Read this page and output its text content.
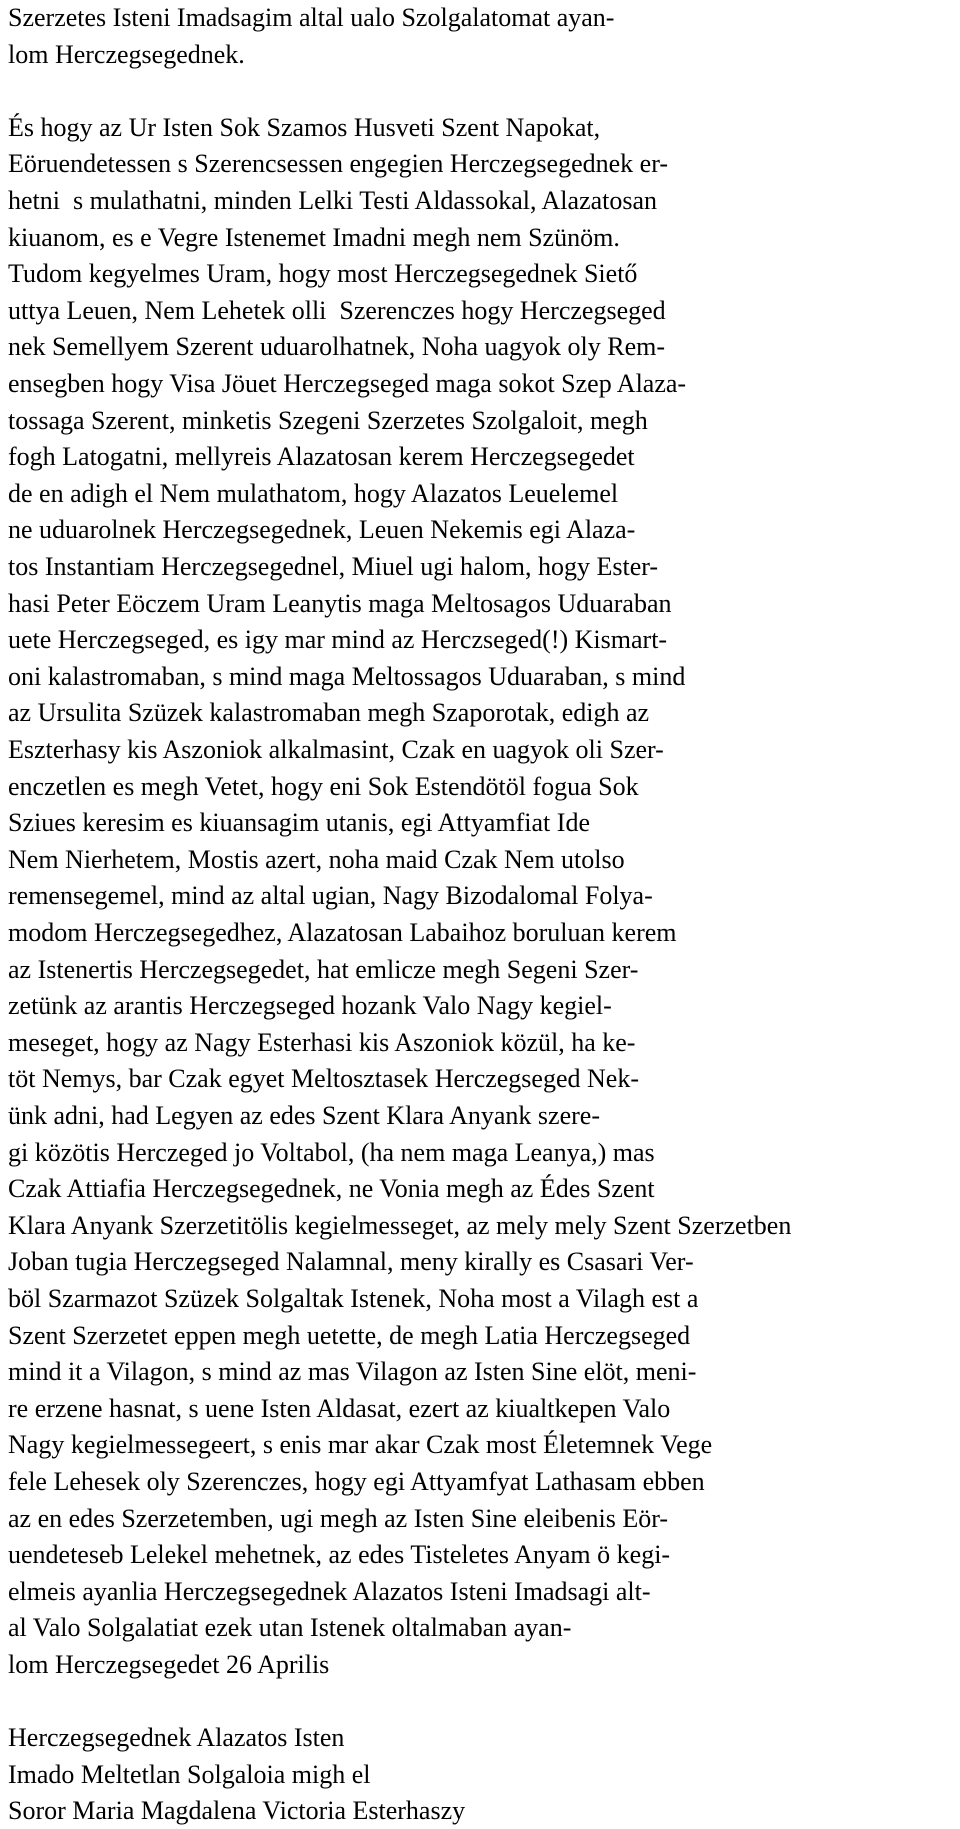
Szerzetes Isteni Imadsagim altal ualo Szolgalatomat ayan-
lom Herczegsegednek.
És hogy az Ur Isten Sok Szamos Husveti Szent Napokat,
Eöruendetessen s Szerencsessen engegien Herczegsegednek er-
hetni  s mulathatni, minden Lelki Testi Aldassokal, Alazatosan
kiuanom, es e Vegre Istenemet Imadni megh nem Szünöm.
Tudom kegyelmes Uram, hogy most Herczegsegednek Siető
uttya Leuen, Nem Lehetek olli  Szerenczes hogy Herczegseged
nek Semellyem Szerent uduarolhatnek, Noha uagyok oly Rem-
ensegben hogy Visa Jöuet Herczegseged maga sokot Szep Alaza-
tossaga Szerent, minketis Szegeni Szerzetes Szolgaloit, megh
fogh Latogatni, mellyreis Alazatosan kerem Herczegsegedet
de en adigh el Nem mulathatom, hogy Alazatos Leuelemel
ne uduarolnek Herczegsegednek, Leuen Nekemis egi Alaza-
tos Instantiam Herczegsegednel, Miuel ugi halom, hogy Ester-
hasi Peter Eöczem Uram Leanytis maga Meltosagos Uduaraban
uete Herczegseged, es igy mar mind az Herczseged(!) Kismart-
oni kalastromaban, s mind maga Meltossagos Uduaraban, s mind
az Ursulita Szüzek kalastromaban megh Szaporotak, edigh az
Eszterhasy kis Aszoniok alkalmasint, Czak en uagyok oli Szer-
enczetlen es megh Vetet, hogy eni Sok Estendötöl fogua Sok
Sziues keresim es kiuansagim utanis, egi Attyamfiat Ide
Nem Nierhetem, Mostis azert, noha maid Czak Nem utolso
remensegemel, mind az altal ugian, Nagy Bizodalomal Folya-
modom Herczegsegedhez, Alazatosan Labaihoz boruluan kerem
az Istenertis Herczegsegedet, hat emlicze megh Segeni Szer-
zetünk az arantis Herczegseged hozank Valo Nagy kegiel-
meseget, hogy az Nagy Esterhasi kis Aszoniok közül, ha ke-
töt Nemys, bar Czak egyet Meltosztasek Herczegseged Nek-
ünk adni, had Legyen az edes Szent Klara Anyank szere-
gi közötis Herczeged jo Voltabol, (ha nem maga Leanya,) mas
Czak Attiafia Herczegsegednek, ne Vonia megh az Édes Szent
Klara Anyank Szerzetitölis kegielmesseget, az mely mely Szent Szerzetben
Joban tugia Herczegseged Nalamnal, meny kirally es Csasari Ver-
böl Szarmazot Szüzek Solgaltak Istenek, Noha most a Vilagh est a
Szent Szerzetet eppen megh uetette, de megh Latia Herczegseged
mind it a Vilagon, s mind az mas Vilagon az Isten Sine elöt, meni-
re erzene hasnat, s uene Isten Aldasat, ezert az kiualtkepen Valo
Nagy kegielmessegeert, s enis mar akar Czak most Életemnek Vege
fele Lehesek oly Szerenczes, hogy egi Attyamfyat Lathasam ebben
az en edes Szerzetemben, ugi megh az Isten Sine eleibenis Eör-
uendeteseb Lelekel mehetnek, az edes Tisteletes Anyam ö kegi-
elmeis ayanlia Herczegsegednek Alazatos Isteni Imadsagi alt-
al Valo Solgalatiat ezek utan Istenek oltalmaban ayan-
lom Herczegsegedet 26 Aprilis
Herczegsegednek Alazatos Isten
Imado Meltetlan Solgaloia migh el
Soror Maria Magdalena Victoria Esterhaszy
